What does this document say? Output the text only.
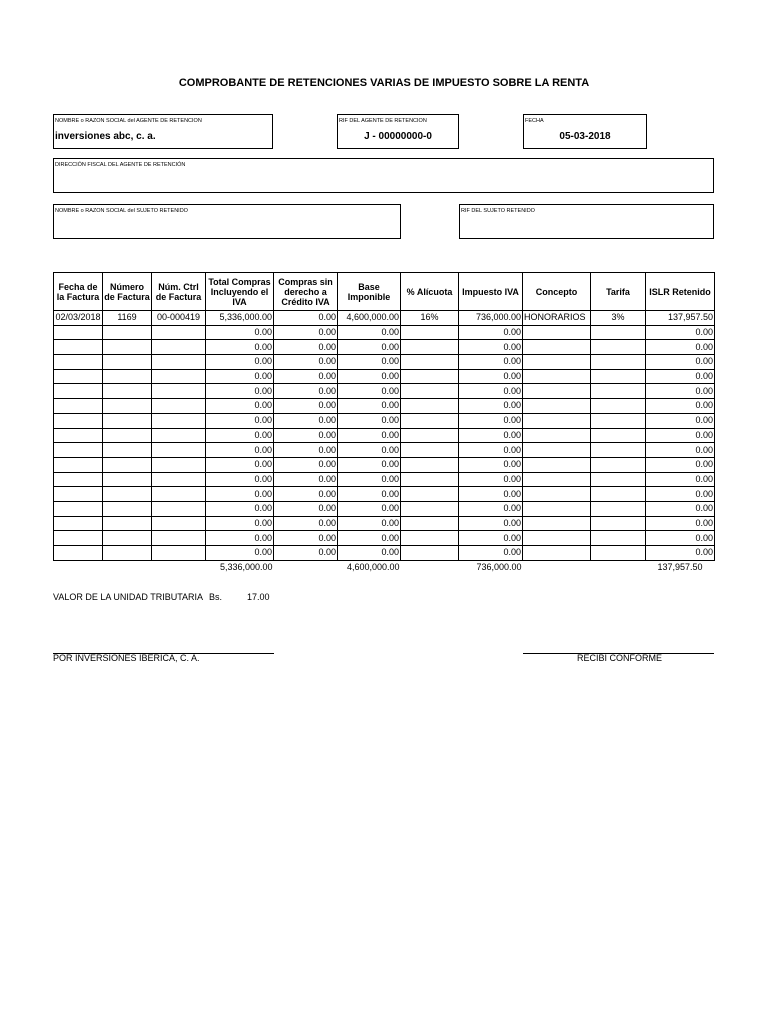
COMPROBANTE DE RETENCIONES VARIAS DE IMPUESTO SOBRE LA RENTA
NOMBRE o RAZON SOCIAL del AGENTE DE RETENCION
inversiones abc, c. a.
RIF DEL AGENTE DE RETENCION
J - 00000000-0
FECHA
05-03-2018
DIRECCIÓN FISCAL DEL AGENTE DE RETENCIÓN
NOMBRE o RAZON SOCIAL del SUJETO RETENIDO	RIF DEL SUJETO RETENIDO
Fecha de la Factura	Número de Factura	Núm. Ctrl de Factura	Total Compras Incluyendo el IVA	Compras sin derecho a Crédito IVA	Base Imponible	% Alícuota	Impuesto IVA	Concepto	Tarifa	ISLR Retenido
02/03/2018	1169	00-000419	5,336,000.00	0.00	4,600,000.00	16%	736,000.00	HONORARIOS	3%	137,957.50
			0.00	0.00	0.00		0.00			0.00
			0.00	0.00	0.00		0.00			0.00
			0.00	0.00	0.00		0.00			0.00
			0.00	0.00	0.00		0.00			0.00
			0.00	0.00	0.00		0.00			0.00
			0.00	0.00	0.00		0.00			0.00
			0.00	0.00	0.00		0.00			0.00
			0.00	0.00	0.00		0.00			0.00
			0.00	0.00	0.00		0.00			0.00
			0.00	0.00	0.00		0.00			0.00
			0.00	0.00	0.00		0.00			0.00
			0.00	0.00	0.00		0.00			0.00
			0.00	0.00	0.00		0.00			0.00
			0.00	0.00	0.00		0.00			0.00
			0.00	0.00	0.00		0.00			0.00
			0.00	0.00	0.00		0.00			0.00
			5,336,000.00		4,600,000.00		736,000.00			137,957.50
VALOR DE LA UNIDAD TRIBUTARIA Bs.	17.00
POR INVERSIONES IBÉRICA, C. A.	RECIBÍ CONFORME
